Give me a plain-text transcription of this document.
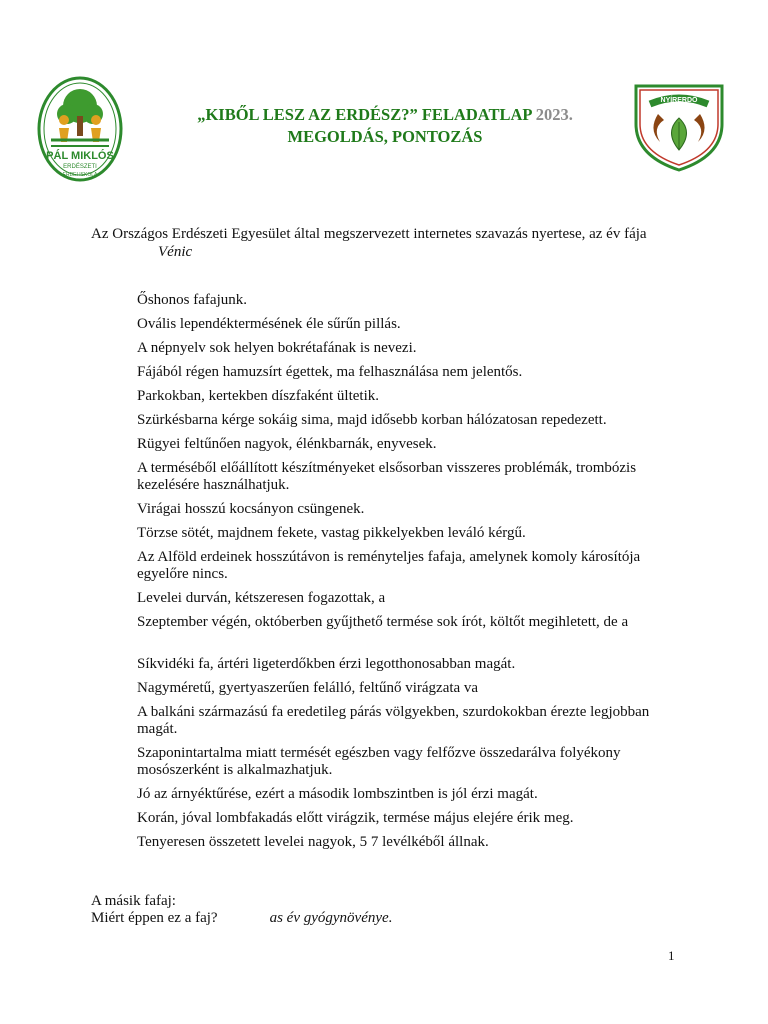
PÁL MIKLÓS
ERDÉSZETI
ERDEI ISKOLA
„KIBŐL LESZ AZ ERDÉSZ?” FELADATLAP 2023.
MEGOLDÁS, PONTOZÁS
NYÍRERDŐ
Az Országos Erdészeti Egyesület által megszervezett internetes szavazás nyertese, az év fája
Vénic
Őshonos fafajunk.
Ovális lependéktermésének éle sűrűn pillás.
A népnyelv sok helyen bokrétafának is nevezi.
Fájából régen hamuzsírt égettek, ma felhasználása nem jelentős.
Parkokban, kertekben díszfaként ültetik.
Szürkésbarna kérge sokáig sima, majd idősebb korban hálózatosan repedezett.
Rügyei feltűnően nagyok, élénkbarnák, enyvesek.
A terméséből előállított készítményeket elsősorban visszeres problémák, trombózis kezelésére használhatjuk.
Virágai hosszú kocsányon csüngenek.
Törzse sötét, majdnem fekete, vastag pikkelyekben leváló kérgű.
Az Alföld erdeinek hosszútávon is reményteljes fafaja, amelynek komoly károsítója egyelőre nincs.
Levelei durván, kétszeresen fogazottak, a
Szeptember végén, októberben gyűjthető termése sok írót, költőt megihletett, de a
Síkvidéki fa, ártéri ligeterdőkben érzi legotthonosabban magát.
Nagyméretű, gyertyaszerűen felálló, feltűnő virágzata va
A balkáni származású fa eredetileg párás völgyekben, szurdokokban érezte legjobban magát.
Szaponintartalma miatt termését egészben vagy felfőzve összedarálva folyékony mosószerként is alkalmazhatjuk.
Jó az árnyéktűrése, ezért a második lombszintben is jól érzi magát.
Korán, jóval lombfakadás előtt virágzik, termése május elejére érik meg.
Tenyeresen összetett levelei nagyok, 5 7 levélkéből állnak.
A másik fafaj:
Miért éppen ez a faj?	as év gyógynövénye.
1
